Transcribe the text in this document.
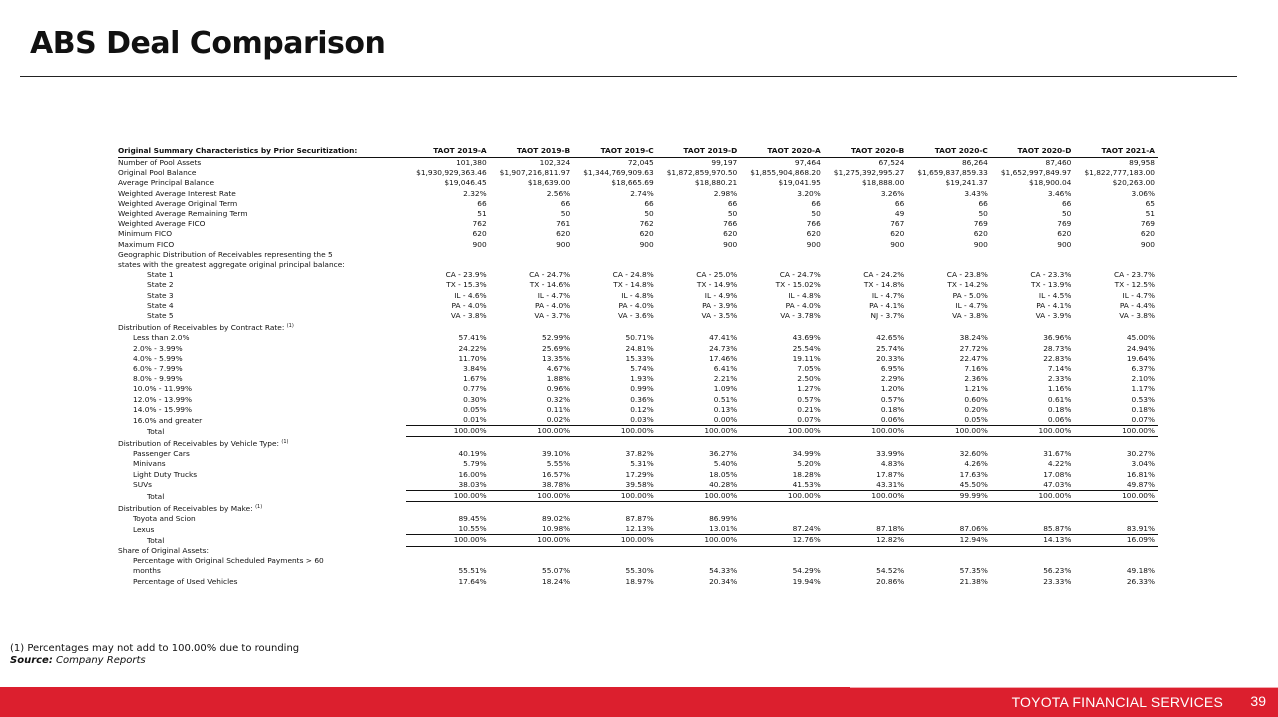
ABS Deal Comparison
Original Summary Characteristics by Prior Securitization:	TAOT 2019-A	TAOT 2019-B	TAOT 2019-C	TAOT 2019-D	TAOT 2020-A	TAOT 2020-B	TAOT 2020-C	TAOT 2020-D	TAOT 2021-A
Number of Pool Assets	101,380	102,324	72,045	99,197	97,464	67,524	86,264	87,460	89,958
Original Pool Balance	$1,930,929,363.46	$1,907,216,811.97	$1,344,769,909.63	$1,872,859,970.50	$1,855,904,868.20	$1,275,392,995.27	$1,659,837,859.33	$1,652,997,849.97	$1,822,777,183.00
Average Principal Balance	$19,046.45	$18,639.00	$18,665.69	$18,880.21	$19,041.95	$18,888.00	$19,241.37	$18,900.04	$20,263.00
Weighted Average Interest Rate	2.32%	2.56%	2.74%	2.98%	3.20%	3.26%	3.43%	3.46%	3.06%
Weighted Average Original Term	66	66	66	66	66	66	66	66	65
Weighted Average Remaining Term	51	50	50	50	50	49	50	50	51
Weighted Average FICO	762	761	762	766	766	767	769	769	769
Minimum FICO	620	620	620	620	620	620	620	620	620
Maximum FICO	900	900	900	900	900	900	900	900	900
Geographic Distribution of Receivables representing the 5									
states with the greatest aggregate original principal balance:									
State 1	CA - 23.9%	CA - 24.7%	CA - 24.8%	CA - 25.0%	CA - 24.7%	CA - 24.2%	CA - 23.8%	CA - 23.3%	CA - 23.7%
State 2	TX - 15.3%	TX - 14.6%	TX - 14.8%	TX - 14.9%	TX - 15.02%	TX - 14.8%	TX - 14.2%	TX - 13.9%	TX - 12.5%
State 3	IL - 4.6%	IL - 4.7%	IL - 4.8%	IL - 4.9%	IL - 4.8%	IL - 4.7%	PA - 5.0%	IL - 4.5%	IL - 4.7%
State 4	PA - 4.0%	PA - 4.0%	PA - 4.0%	PA - 3.9%	PA - 4.0%	PA - 4.1%	IL - 4.7%	PA - 4.1%	PA - 4.4%
State 5	VA - 3.8%	VA - 3.7%	VA - 3.6%	VA - 3.5%	VA - 3.78%	NJ - 3.7%	VA - 3.8%	VA - 3.9%	VA - 3.8%
Distribution of Receivables by Contract Rate: $^{(1)}$									
Less than 2.0%	57.41%	52.99%	50.71%	47.41%	43.69%	42.65%	38.24%	36.96%	45.00%
2.0% - 3.99%	24.22%	25.69%	24.81%	24.73%	25.54%	25.74%	27.72%	28.73%	24.94%
4.0% - 5.99%	11.70%	13.35%	15.33%	17.46%	19.11%	20.33%	22.47%	22.83%	19.64%
6.0% - 7.99%	3.84%	4.67%	5.74%	6.41%	7.05%	6.95%	7.16%	7.14%	6.37%
8.0% - 9.99%	1.67%	1.88%	1.93%	2.21%	2.50%	2.29%	2.36%	2.33%	2.10%
10.0% - 11.99%	0.77%	0.96%	0.99%	1.09%	1.27%	1.20%	1.21%	1.16%	1.17%
12.0% - 13.99%	0.30%	0.32%	0.36%	0.51%	0.57%	0.57%	0.60%	0.61%	0.53%
14.0% - 15.99%	0.05%	0.11%	0.12%	0.13%	0.21%	0.18%	0.20%	0.18%	0.18%
16.0% and greater	0.01%	0.02%	0.03%	0.00%	0.07%	0.06%	0.05%	0.06%	0.07%
Total	100.00%	100.00%	100.00%	100.00%	100.00%	100.00%	100.00%	100.00%	100.00%
Distribution of Receivables by Vehicle Type: $^{(1)}$									
Passenger Cars	40.19%	39.10%	37.82%	36.27%	34.99%	33.99%	32.60%	31.67%	30.27%
Minivans	5.79%	5.55%	5.31%	5.40%	5.20%	4.83%	4.26%	4.22%	3.04%
Light Duty Trucks	16.00%	16.57%	17.29%	18.05%	18.28%	17.87%	17.63%	17.08%	16.81%
SUVs	38.03%	38.78%	39.58%	40.28%	41.53%	43.31%	45.50%	47.03%	49.87%
Total	100.00%	100.00%	100.00%	100.00%	100.00%	100.00%	99.99%	100.00%	100.00%
Distribution of Receivables by Make: $^{(1)}$									
Toyota and Scion	89.45%	89.02%	87.87%	86.99%					
Lexus	10.55%	10.98%	12.13%	13.01%	87.24%	87.18%	87.06%	85.87%	83.91%
Total	100.00%	100.00%	100.00%	100.00%	12.76%	12.82%	12.94%	14.13%	16.09%
Share of Original Assets:									
Percentage with Original Scheduled Payments > 60									
months	55.51%	55.07%	55.30%	54.33%	54.29%	54.52%	57.35%	56.23%	49.18%
Percentage of Used Vehicles	17.64%	18.24%	18.97%	20.34%	19.94%	20.86%	21.38%	23.33%	26.33%
(1) Percentages may not add to 100.00% due to rounding
Source: Company Reports
TOYOTA FINANCIAL SERVICES 39
